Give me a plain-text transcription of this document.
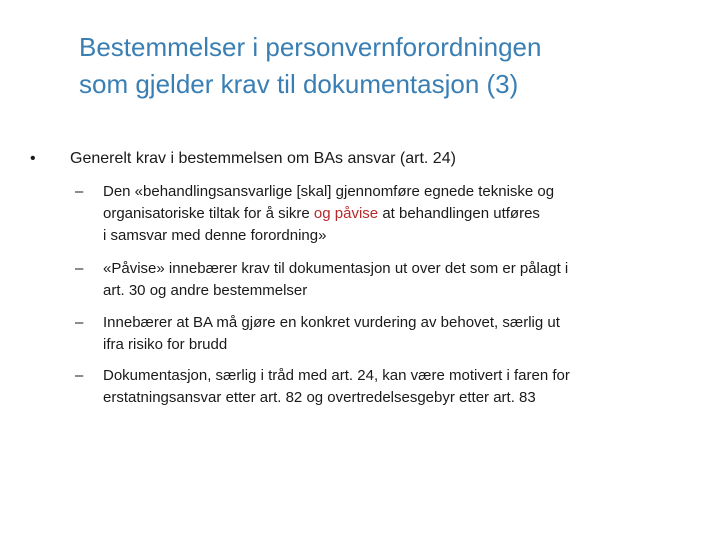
Bestemmelser i personvernforordningen
som gjelder krav til dokumentasjon (3)
• Generelt krav i bestemmelsen om BAs ansvar (art. 24)
– Den «behandlingsansvarlige [skal] gjennomføre egnede tekniske og
organisatoriske tiltak for å sikre og påvise at behandlingen utføres
i samsvar med denne forordning»
– «Påvise» innebærer krav til dokumentasjon ut over det som er pålagt i
art. 30 og andre bestemmelser
– Innebærer at BA må gjøre en konkret vurdering av behovet, særlig ut
ifra risiko for brudd
– Dokumentasjon, særlig i tråd med art. 24, kan være motivert i faren for
erstatningsansvar etter art. 82 og overtredelsesgebyr etter art. 83
